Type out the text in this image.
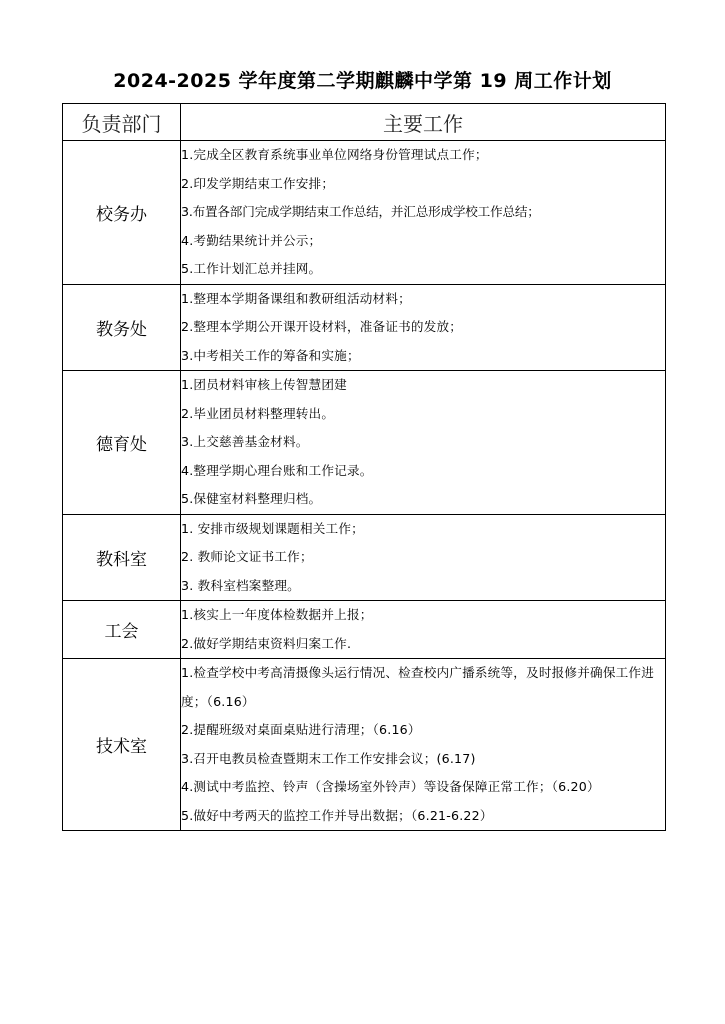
2024-2025 学年度第二学期麒麟中学第 19 周工作计划
负责部门	主要工作
校务办	1.完成全区教育系统事业单位网络身份管理试点工作；
2.印发学期结束工作安排；
3.布置各部门完成学期结束工作总结，并汇总形成学校工作总结；
4.考勤结果统计并公示；
5.工作计划汇总并挂网。

教务处	1.整理本学期备课组和教研组活动材料；
2.整理本学期公开课开设材料，准备证书的发放；
3.中考相关工作的筹备和实施；

德育处	1.团员材料审核上传智慧团建
2.毕业团员材料整理转出。
3.上交慈善基金材料。
4.整理学期心理台账和工作记录。
5.保健室材料整理归档。

教科室	1. 安排市级规划课题相关工作；
2. 教师论文证书工作；
3. 教科室档案整理。

工会	1.核实上一年度体检数据并上报；
2.做好学期结束资料归案工作.

技术室	1.检查学校中考高清摄像头运行情况、检查校内广播系统等，及时报修并确保工作进度；（6.16）
2.提醒班级对桌面桌贴进行清理；（6.16）
3.召开电教员检查暨期末工作工作安排会议；(6.17)
4.测试中考监控、铃声（含操场室外铃声）等设备保障正常工作；（6.20）
5.做好中考两天的监控工作并导出数据；（6.21-6.22）
